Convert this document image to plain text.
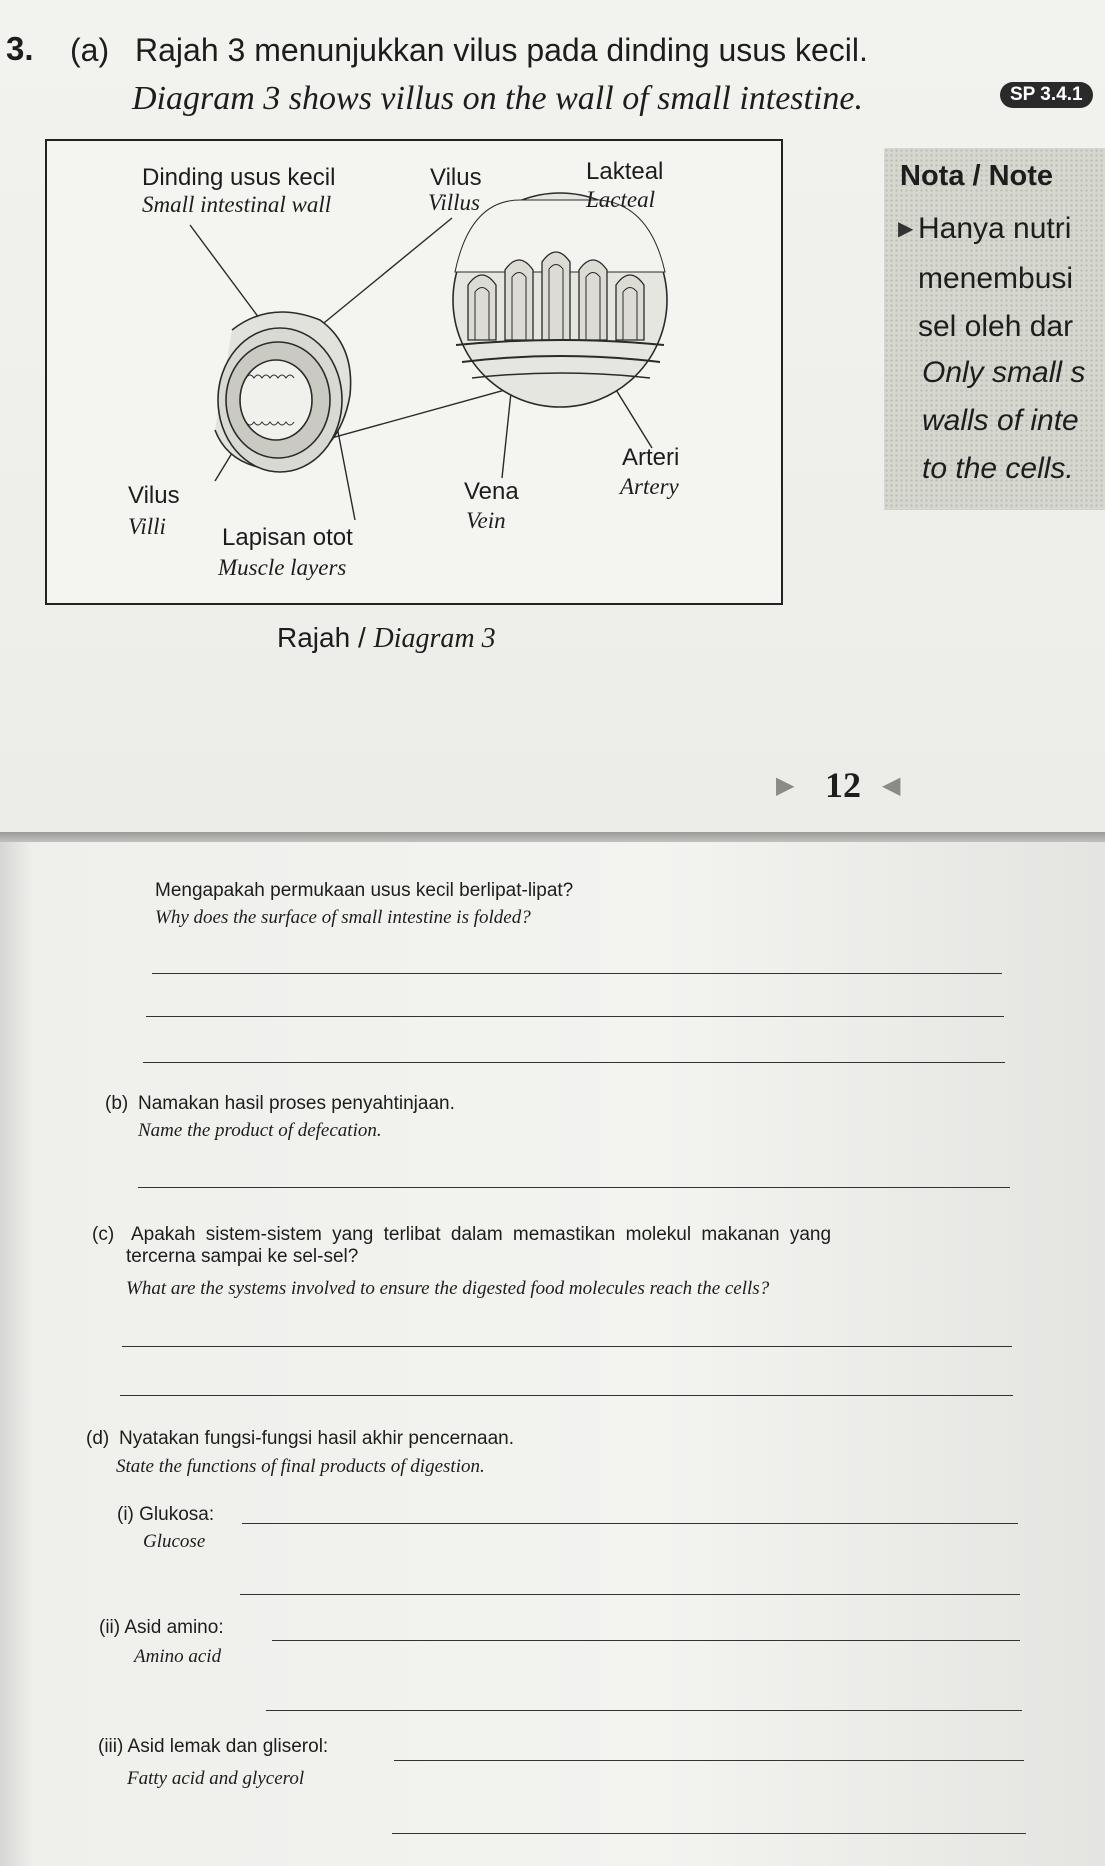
3. (a) Rajah 3 menunjukkan vilus pada dinding usus kecil.
Diagram 3 shows villus on the wall of small intestine.	SP 3.4.1
Dinding usus kecil
Small intestinal wall
Vilus
Villus
Lakteal
Lacteal
Arteri
Artery
Vena
Vein
Vilus
Villi Lapisan otot
Muscle layers
Rajah / Diagram 3
Nota / Note
▶ Hanya nutri
menembusi
sel oleh dar
Only small s
walls of inte
to the cells.
▶ 12 ◀
Mengapakah permukaan usus kecil berlipat-lipat?
Why does the surface of small intestine is folded?
(b) Namakan hasil proses penyahtinjaan.
Name the product of defecation.
(c) Apakah sistem-sistem yang terlibat dalam memastikan molekul makanan yang
tercerna sampai ke sel-sel?
What are the systems involved to ensure the digested food molecules reach the cells?
(d) Nyatakan fungsi-fungsi hasil akhir pencernaan.
State the functions of final products of digestion.
(i) Glukosa:
Glucose
(ii) Asid amino:
Amino acid
(iii) Asid lemak dan gliserol:
Fatty acid and glycerol
